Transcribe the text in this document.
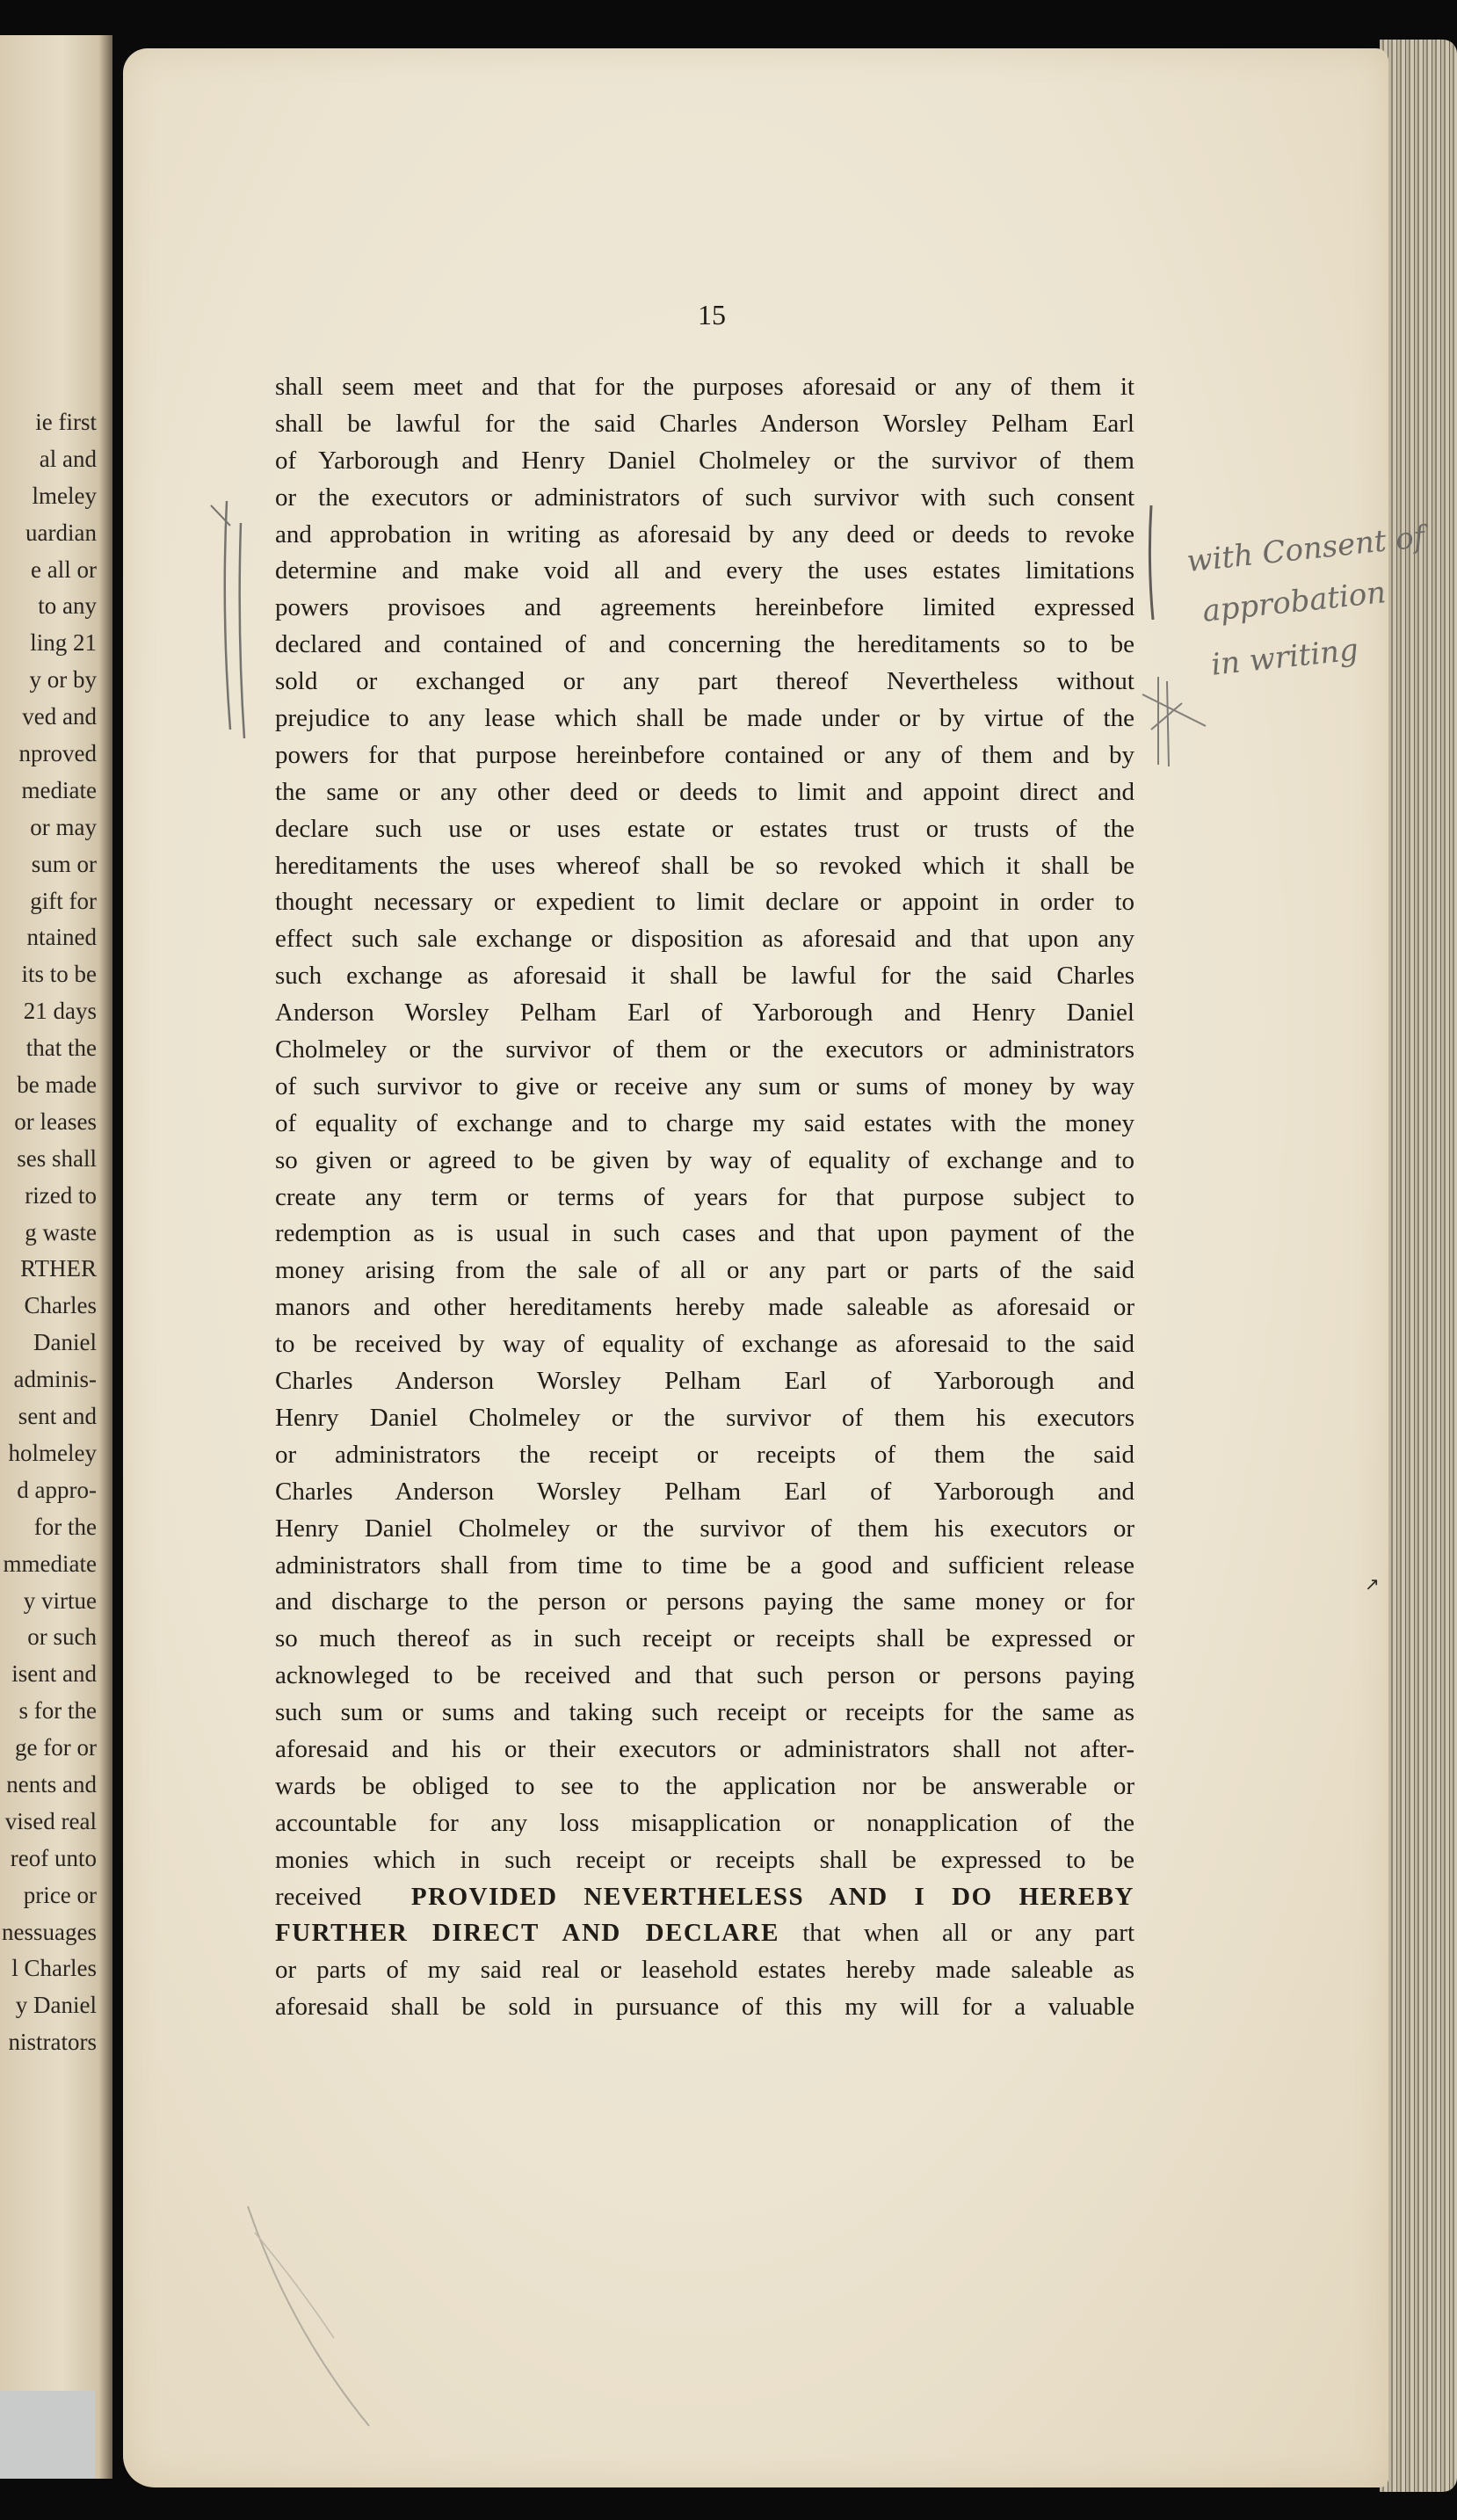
ie first
al and
lmeley
uardian
e all or
to any
ling 21
y or by
ved and
nproved
mediate
or may
sum or
gift for
ntained
its to be
21 days
that the
be made
or leases
ses shall
rized to
g waste
RTHER
Charles
Daniel
adminis-
sent and
holmeley
d appro-
for the
mmediate
y virtue
or such
isent and
s for the
ge for or
nents and
vised real
reof unto
price or
nessuages
l Charles
y Daniel
nistrators
15
shall seem meet and that for the purposes aforesaid or any of them it
shall be lawful for the said Charles Anderson Worsley Pelham Earl
of Yarborough and Henry Daniel Cholmeley or the survivor of them
or the executors or administrators of such survivor with such consent
and approbation in writing as aforesaid by any deed or deeds to revoke
determine and make void all and every the uses estates limitations
powers provisoes and agreements hereinbefore limited expressed
declared and contained of and concerning the hereditaments so to be
sold or exchanged or any part thereof Nevertheless without
prejudice to any lease which shall be made under or by virtue of the
powers for that purpose hereinbefore contained or any of them and by
the same or any other deed or deeds to limit and appoint direct and
declare such use or uses estate or estates trust or trusts of the
hereditaments the uses whereof shall be so revoked which it shall be
thought necessary or expedient to limit declare or appoint in order to
effect such sale exchange or disposition as aforesaid and that upon any
such exchange as aforesaid it shall be lawful for the said Charles
Anderson Worsley Pelham Earl of Yarborough and Henry Daniel
Cholmeley or the survivor of them or the executors or administrators
of such survivor to give or receive any sum or sums of money by way
of equality of exchange and to charge my said estates with the money
so given or agreed to be given by way of equality of exchange and to
create any term or terms of years for that purpose subject to
redemption as is usual in such cases and that upon payment of the
money arising from the sale of all or any part or parts of the said
manors and other hereditaments hereby made saleable as aforesaid or
to be received by way of equality of exchange as aforesaid to the said
Charles Anderson Worsley Pelham Earl of Yarborough and
Henry Daniel Cholmeley or the survivor of them his executors
or administrators the receipt or receipts of them the said
Charles Anderson Worsley Pelham Earl of Yarborough and
Henry Daniel Cholmeley or the survivor of them his executors or
administrators shall from time to time be a good and sufficient release
and discharge to the person or persons paying the same money or for
so much thereof as in such receipt or receipts shall be expressed or
acknowleged to be received and that such person or persons paying
such sum or sums and taking such receipt or receipts for the same as
aforesaid and his or their executors or administrators shall not after-
wards be obliged to see to the application nor be answerable or
accountable for any loss misapplication or nonapplication of the
monies which in such receipt or receipts shall be expressed to be
received PROVIDED NEVERTHELESS AND I DO HEREBY
FURTHER DIRECT AND DECLARE that when all or any part
or parts of my said real or leasehold estates hereby made saleable as
aforesaid shall be sold in pursuance of this my will for a valuable
with Consent of
approbation
in writing
↗
